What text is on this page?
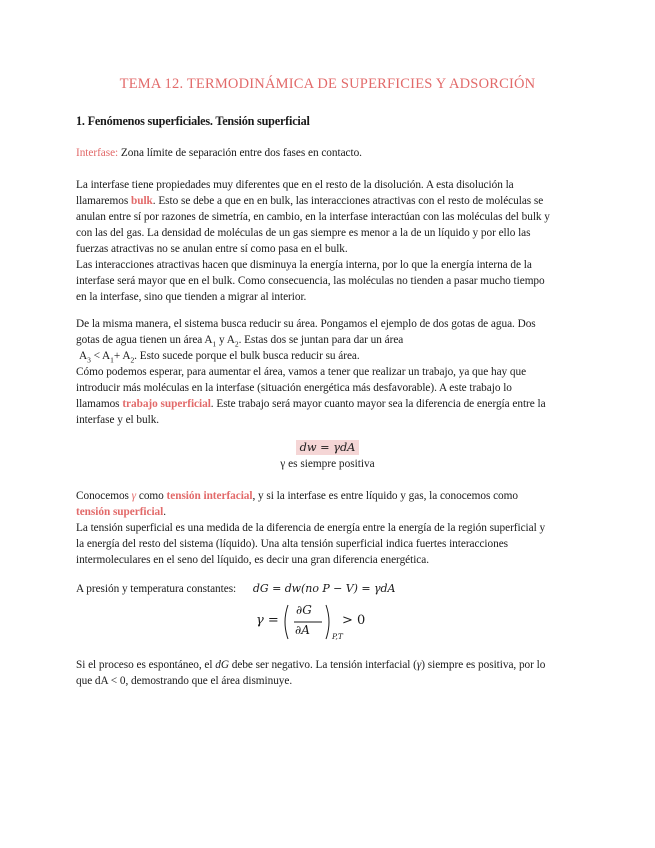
TEMA 12. TERMODINÁMICA DE SUPERFICIES Y ADSORCIÓN
1. Fenómenos superficiales. Tensión superficial
Interfase: Zona límite de separación entre dos fases en contacto.
La interfase tiene propiedades muy diferentes que en el resto de la disolución. A esta disolución la
llamaremos bulk. Esto se debe a que en en bulk, las interacciones atractivas con el resto de moléculas se
anulan entre sí por razones de simetría, en cambio, en la interfase interactúan con las moléculas del bulk y
con las del gas. La densidad de moléculas de un gas siempre es menor a la de un líquido y por ello las
fuerzas atractivas no se anulan entre sí como pasa en el bulk.
Las interacciones atractivas hacen que disminuya la energía interna, por lo que la energía interna de la
interfase será mayor que en el bulk. Como consecuencia, las moléculas no tienden a pasar mucho tiempo
en la interfase, sino que tienden a migrar al interior.
De la misma manera, el sistema busca reducir su área. Pongamos el ejemplo de dos gotas de agua. Dos
gotas de agua tienen un área $A_1$ y $A_2$. Estas dos se juntan para dar un área
$A_3 < A_1+ A_2$. Esto sucede porque el bulk busca reducir su área.
Cómo podemos esperar, para aumentar el área, vamos a tener que realizar un trabajo, ya que hay que
introducir más moléculas en la interfase (situación energética más desfavorable). A este trabajo lo
llamamos trabajo superficial. Este trabajo será mayor cuanto mayor sea la diferencia de energía entre la
interfase y el bulk.
dw = γdA
γ es siempre positiva
Conocemos γ como tensión interfacial, y si la interfase es entre líquido y gas, la conocemos como
tensión superficial.
La tensión superficial es una medida de la diferencia de energía entre la energía de la región superficial y
la energía del resto del sistema (líquido). Una alta tensión superficial indica fuertes interacciones
intermoleculares en el seno del líquido, es decir una gran diferencia energética.
A presión y temperatura constantes: dG = dw(no P − V) = γdA
γ =
∂G
∂A	P,T
> 0
Si el proceso es espontáneo, el dG debe ser negativo. La tensión interfacial (γ) siempre es positiva, por lo
que dA < 0, demostrando que el área disminuye.
